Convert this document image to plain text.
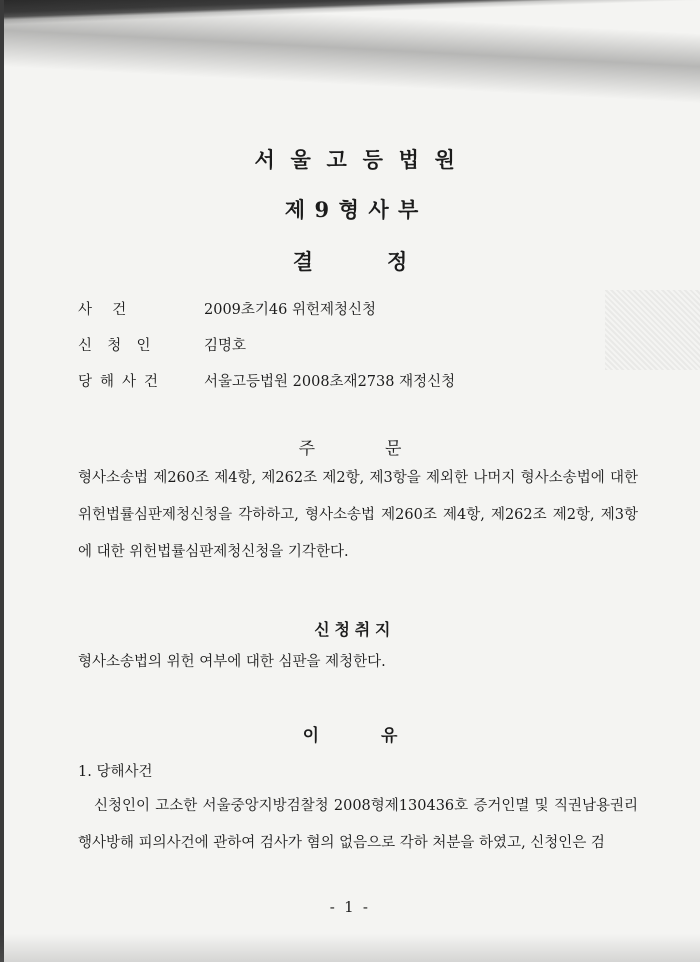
서울고등법원
제9형사부
결	정
사건	2009초기46 위헌제청신청
신청인	김명호
당해사건	서울고등법원 2008초재2738 재정신청
주	문
형사소송법 제260조 제4항, 제262조 제2항, 제3항을 제외한 나머지 형사소송법에 대한 위헌법률심판제청신청을 각하하고, 형사소송법 제260조 제4항, 제262조 제2항, 제3항에 대한 위헌법률심판제청신청을 기각한다.
신청취지
형사소송법의 위헌 여부에 대한 심판을 제청한다.
이	유
1. 당해사건
신청인이 고소한 서울중앙지방검찰청 2008형제130436호 증거인멸 및 직권남용권리행사방해 피의사건에 관하여 검사가 혐의 없음으로 각하 처분을 하였고, 신청인은 검
- 1 -
